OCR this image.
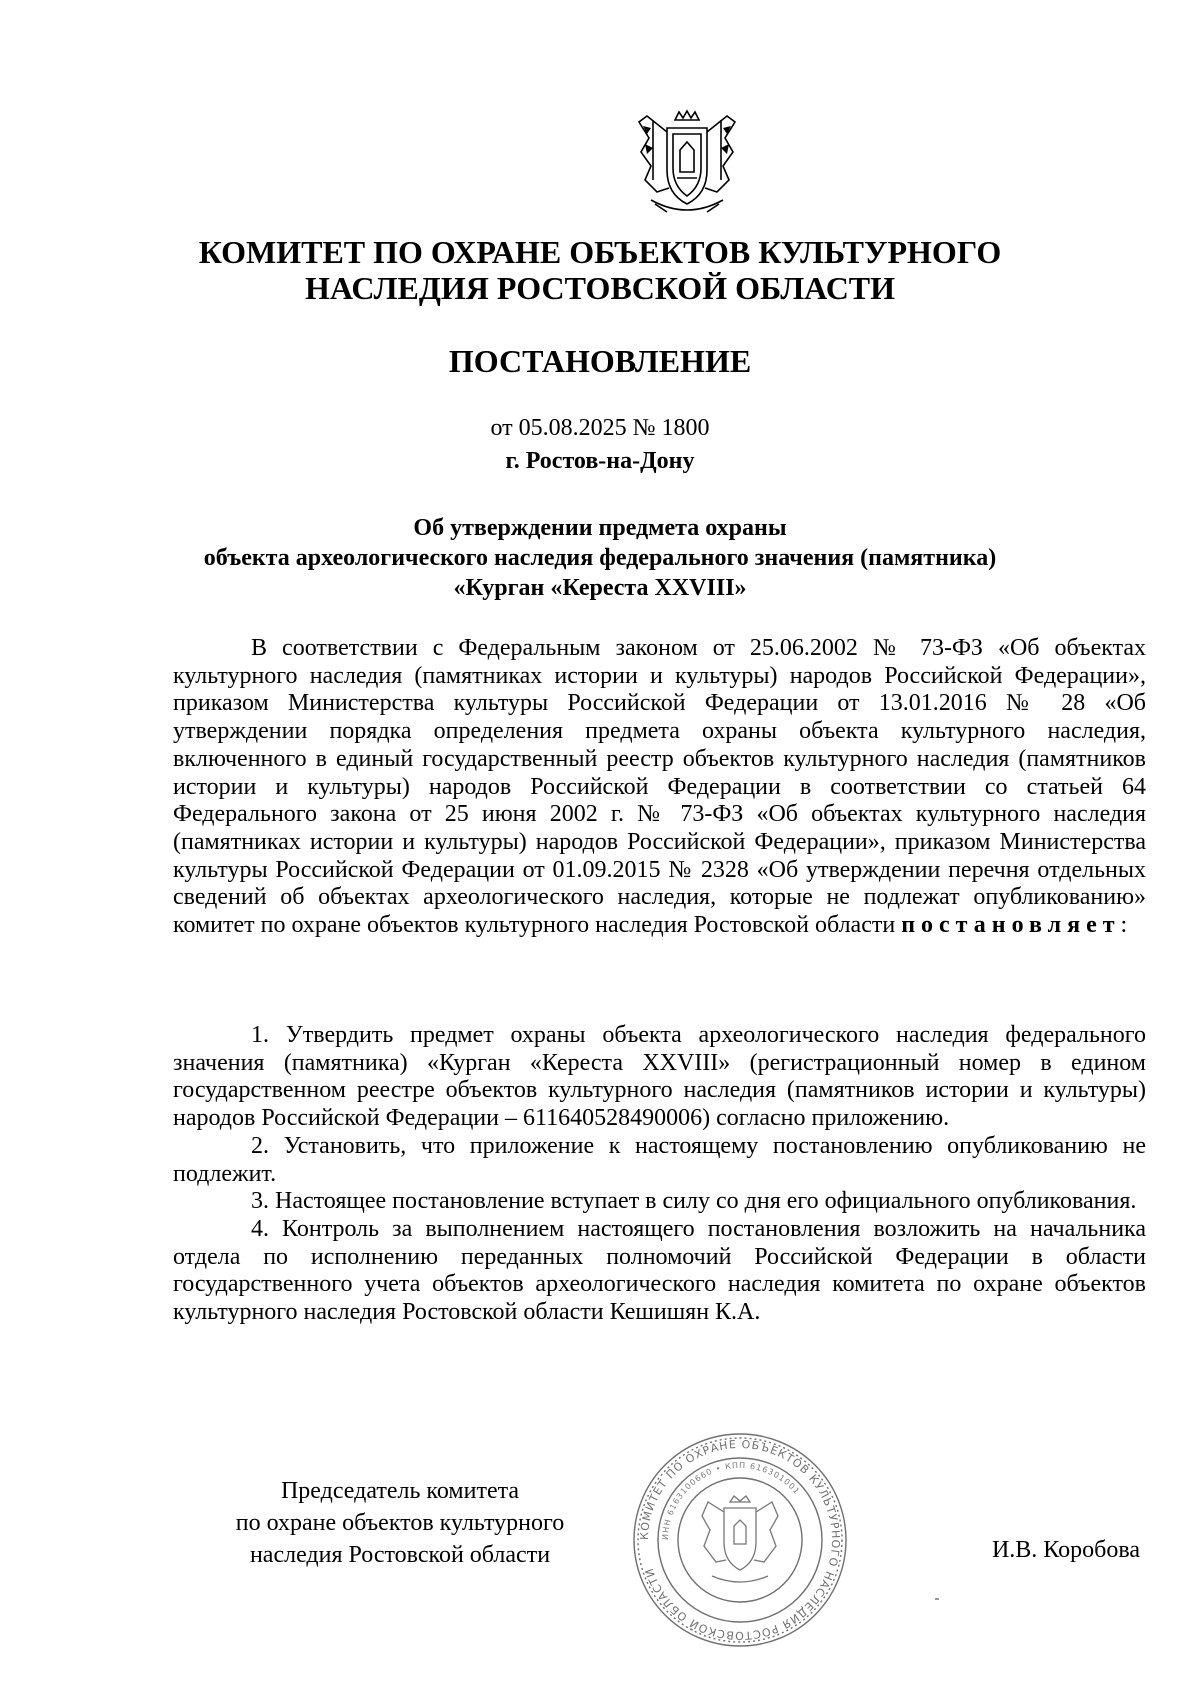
КОМИТЕТ ПО ОХРАНЕ ОБЪЕКТОВ КУЛЬТУРНОГО
НАСЛЕДИЯ РОСТОВСКОЙ ОБЛАСТИ
ПОСТАНОВЛЕНИЕ
от 05.08.2025 № 1800
г. Ростов-на-Дону
Об утверждении предмета охраны
объекта археологического наследия федерального значения (памятника)
«Курган «Кереста XXVIII»

В соответствии с Федеральным законом от 25.06.2002 № 73-ФЗ «Об объектах культурного наследия (памятниках истории и культуры) народов Российской Федерации», приказом Министерства культуры Российской Федерации от 13.01.2016 № 28 «Об утверждении порядка определения предмета охраны объекта культурного наследия, включенного в единый государственный реестр объектов культурного наследия (памятников истории и культуры) народов Российской Федерации в соответствии со статьей 64 Федерального закона от 25 июня 2002 г. № 73-ФЗ «Об объектах культурного наследия (памятниках истории и культуры) народов Российской Федерации», приказом Министерства культуры Российской Федерации от 01.09.2015 № 2328 «Об утверждении перечня отдельных сведений об объектах археологического наследия, которые не подлежат опубликованию» комитет по охране объектов культурного наследия Ростовской области постановляет:

1. Утвердить предмет охраны объекта археологического наследия федерального значения (памятника) «Курган «Кереста XXVIII» (регистрационный номер в едином государственном реестре объектов культурного наследия (памятников истории и культуры) народов Российской Федерации – 611640528490006) согласно приложению.

2. Установить, что приложение к настоящему постановлению опубликованию не подлежит.

3. Настоящее постановление вступает в силу со дня его официального опубликования.

4. Контроль за выполнением настоящего постановления возложить на начальника отдела по исполнению переданных полномочий Российской Федерации в области государственного учета объектов археологического наследия комитета по охране объектов культурного наследия Ростовской области Кешишян К.А.

Председатель комитета
по охране объектов культурного
наследия Ростовской области
КОМИТЕТ ПО ОХРАНЕ ОБЪЕКТОВ КУЛЬТУРНОГО НАСЛЕДИЯ РОСТОВСКОЙ ОБЛАСТИ
ИНН 6163100660 • КПП 616301001
И.В. Коробова
